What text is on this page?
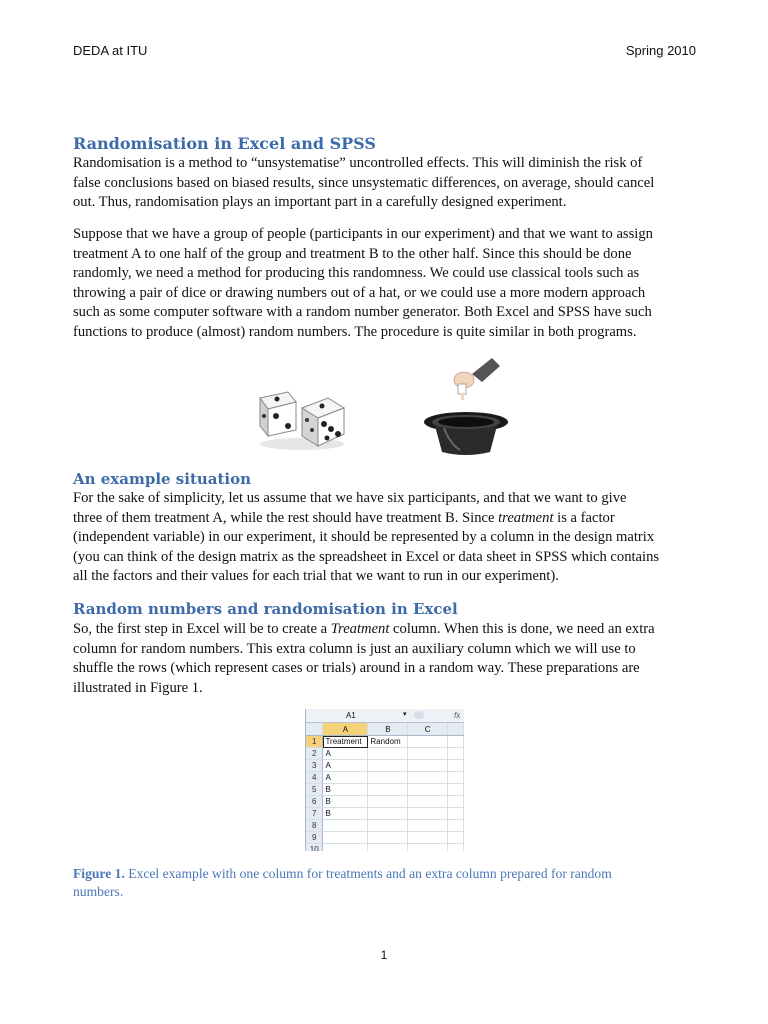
DEDA at ITU	Spring 2010
Randomisation in Excel and SPSS

Randomisation is a method to “unsystematise” uncontrolled effects. This will diminish the risk of
false conclusions based on biased results, since unsystematic differences, on average, should cancel
out. Thus, randomisation plays an important part in a carefully designed experiment.

Suppose that we have a group of people (participants in our experiment) and that we want to assign
treatment A to one half of the group and treatment B to the other half. Since this should be done
randomly, we need a method for producing this randomness. We could use classical tools such as
throwing a pair of dice or drawing numbers out of a hat, or we could use a more modern approach
such as some computer software with a random number generator. Both Excel and SPSS have such
functions to produce (almost) random numbers. The procedure is quite similar in both programs.

An example situation

For the sake of simplicity, let us assume that we have six participants, and that we want to give
three of them treatment A, while the rest should have treatment B. Since treatment is a factor
(independent variable) in our experiment, it should be represented by a column in the design matrix
(you can think of the design matrix as the spreadsheet in Excel or data sheet in SPSS which contains
all the factors and their values for each trial that we want to run in our experiment).

Random numbers and randomisation in Excel

So, the first step in Excel will be to create a Treatment column. When this is done, we need an extra
column for random numbers. This extra column is just an auxiliary column which we will use to
shuffle the rows (which represent cases or trials) around in a random way. These preparations are
illustrated in Figure 1.

A1	▾	fx
	A	B	C	
1	Treatment	Random		
2	A			
3	A			
4	A			
5	B			
6	B			
7	B			
8				
9				
10				

Figure 1. Excel example with one column for treatments and an extra column prepared for random
numbers.

1
